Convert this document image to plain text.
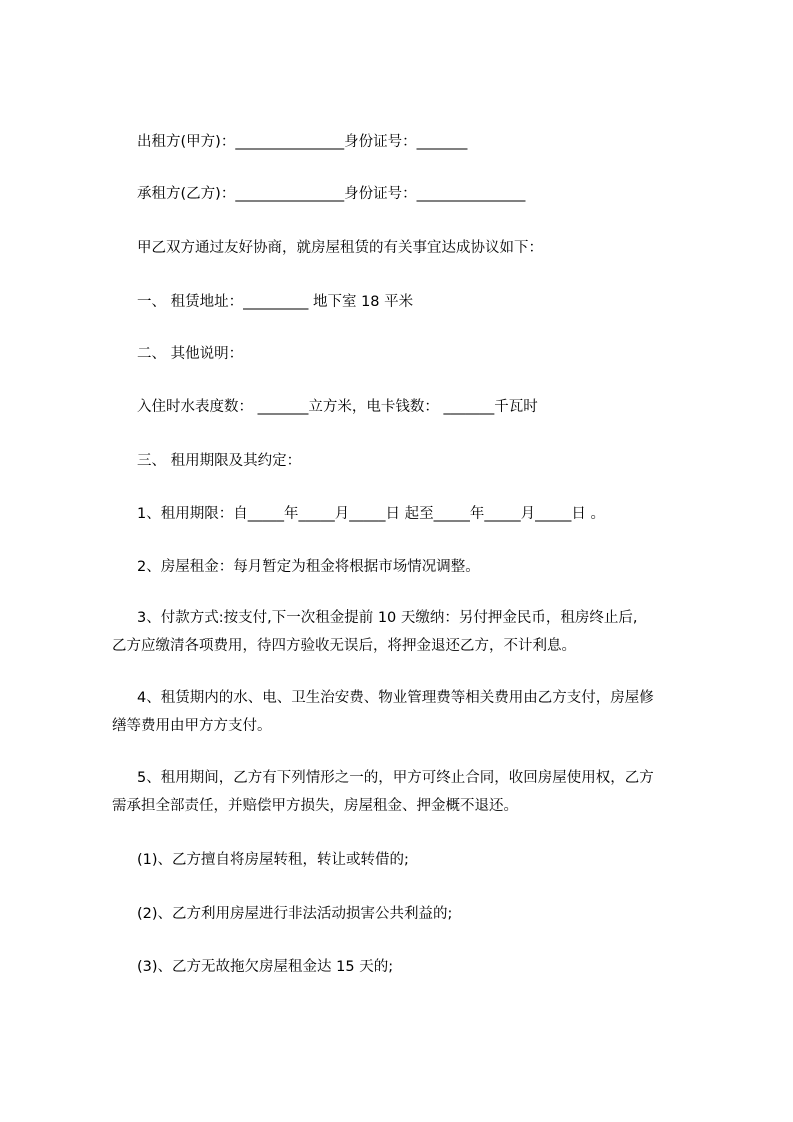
出租方(甲方)：_______________身份证号：_______
承租方(乙方)：_______________身份证号：_______________
甲乙双方通过友好协商，就房屋租赁的有关事宜达成协议如下：
一、 租赁地址：_________ 地下室 18 平米
二、 其他说明：
入住时水表度数： _______立方米，电卡钱数： _______千瓦时
三、 租用期限及其约定：
1、租用期限：自_____年_____月_____日 起至_____年_____月_____日 。
2、房屋租金：每月暂定为租金将根据市场情况调整。
3、付款方式:按支付,下一次租金提前 10 天缴纳：另付押金民币，租房终止后,
乙方应缴清各项费用，待四方验收无误后，将押金退还乙方，不计利息。
4、租赁期内的水、电、卫生治安费、物业管理费等相关费用由乙方支付，房屋修
缮等费用由甲方方支付。
5、租用期间，乙方有下列情形之一的，甲方可终止合同，收回房屋使用权，乙方
需承担全部责任，并赔偿甲方损失，房屋租金、押金概不退还。
(1)、乙方擅自将房屋转租，转让或转借的;
(2)、乙方利用房屋进行非法活动损害公共利益的;
(3)、乙方无故拖欠房屋租金达 15 天的;
